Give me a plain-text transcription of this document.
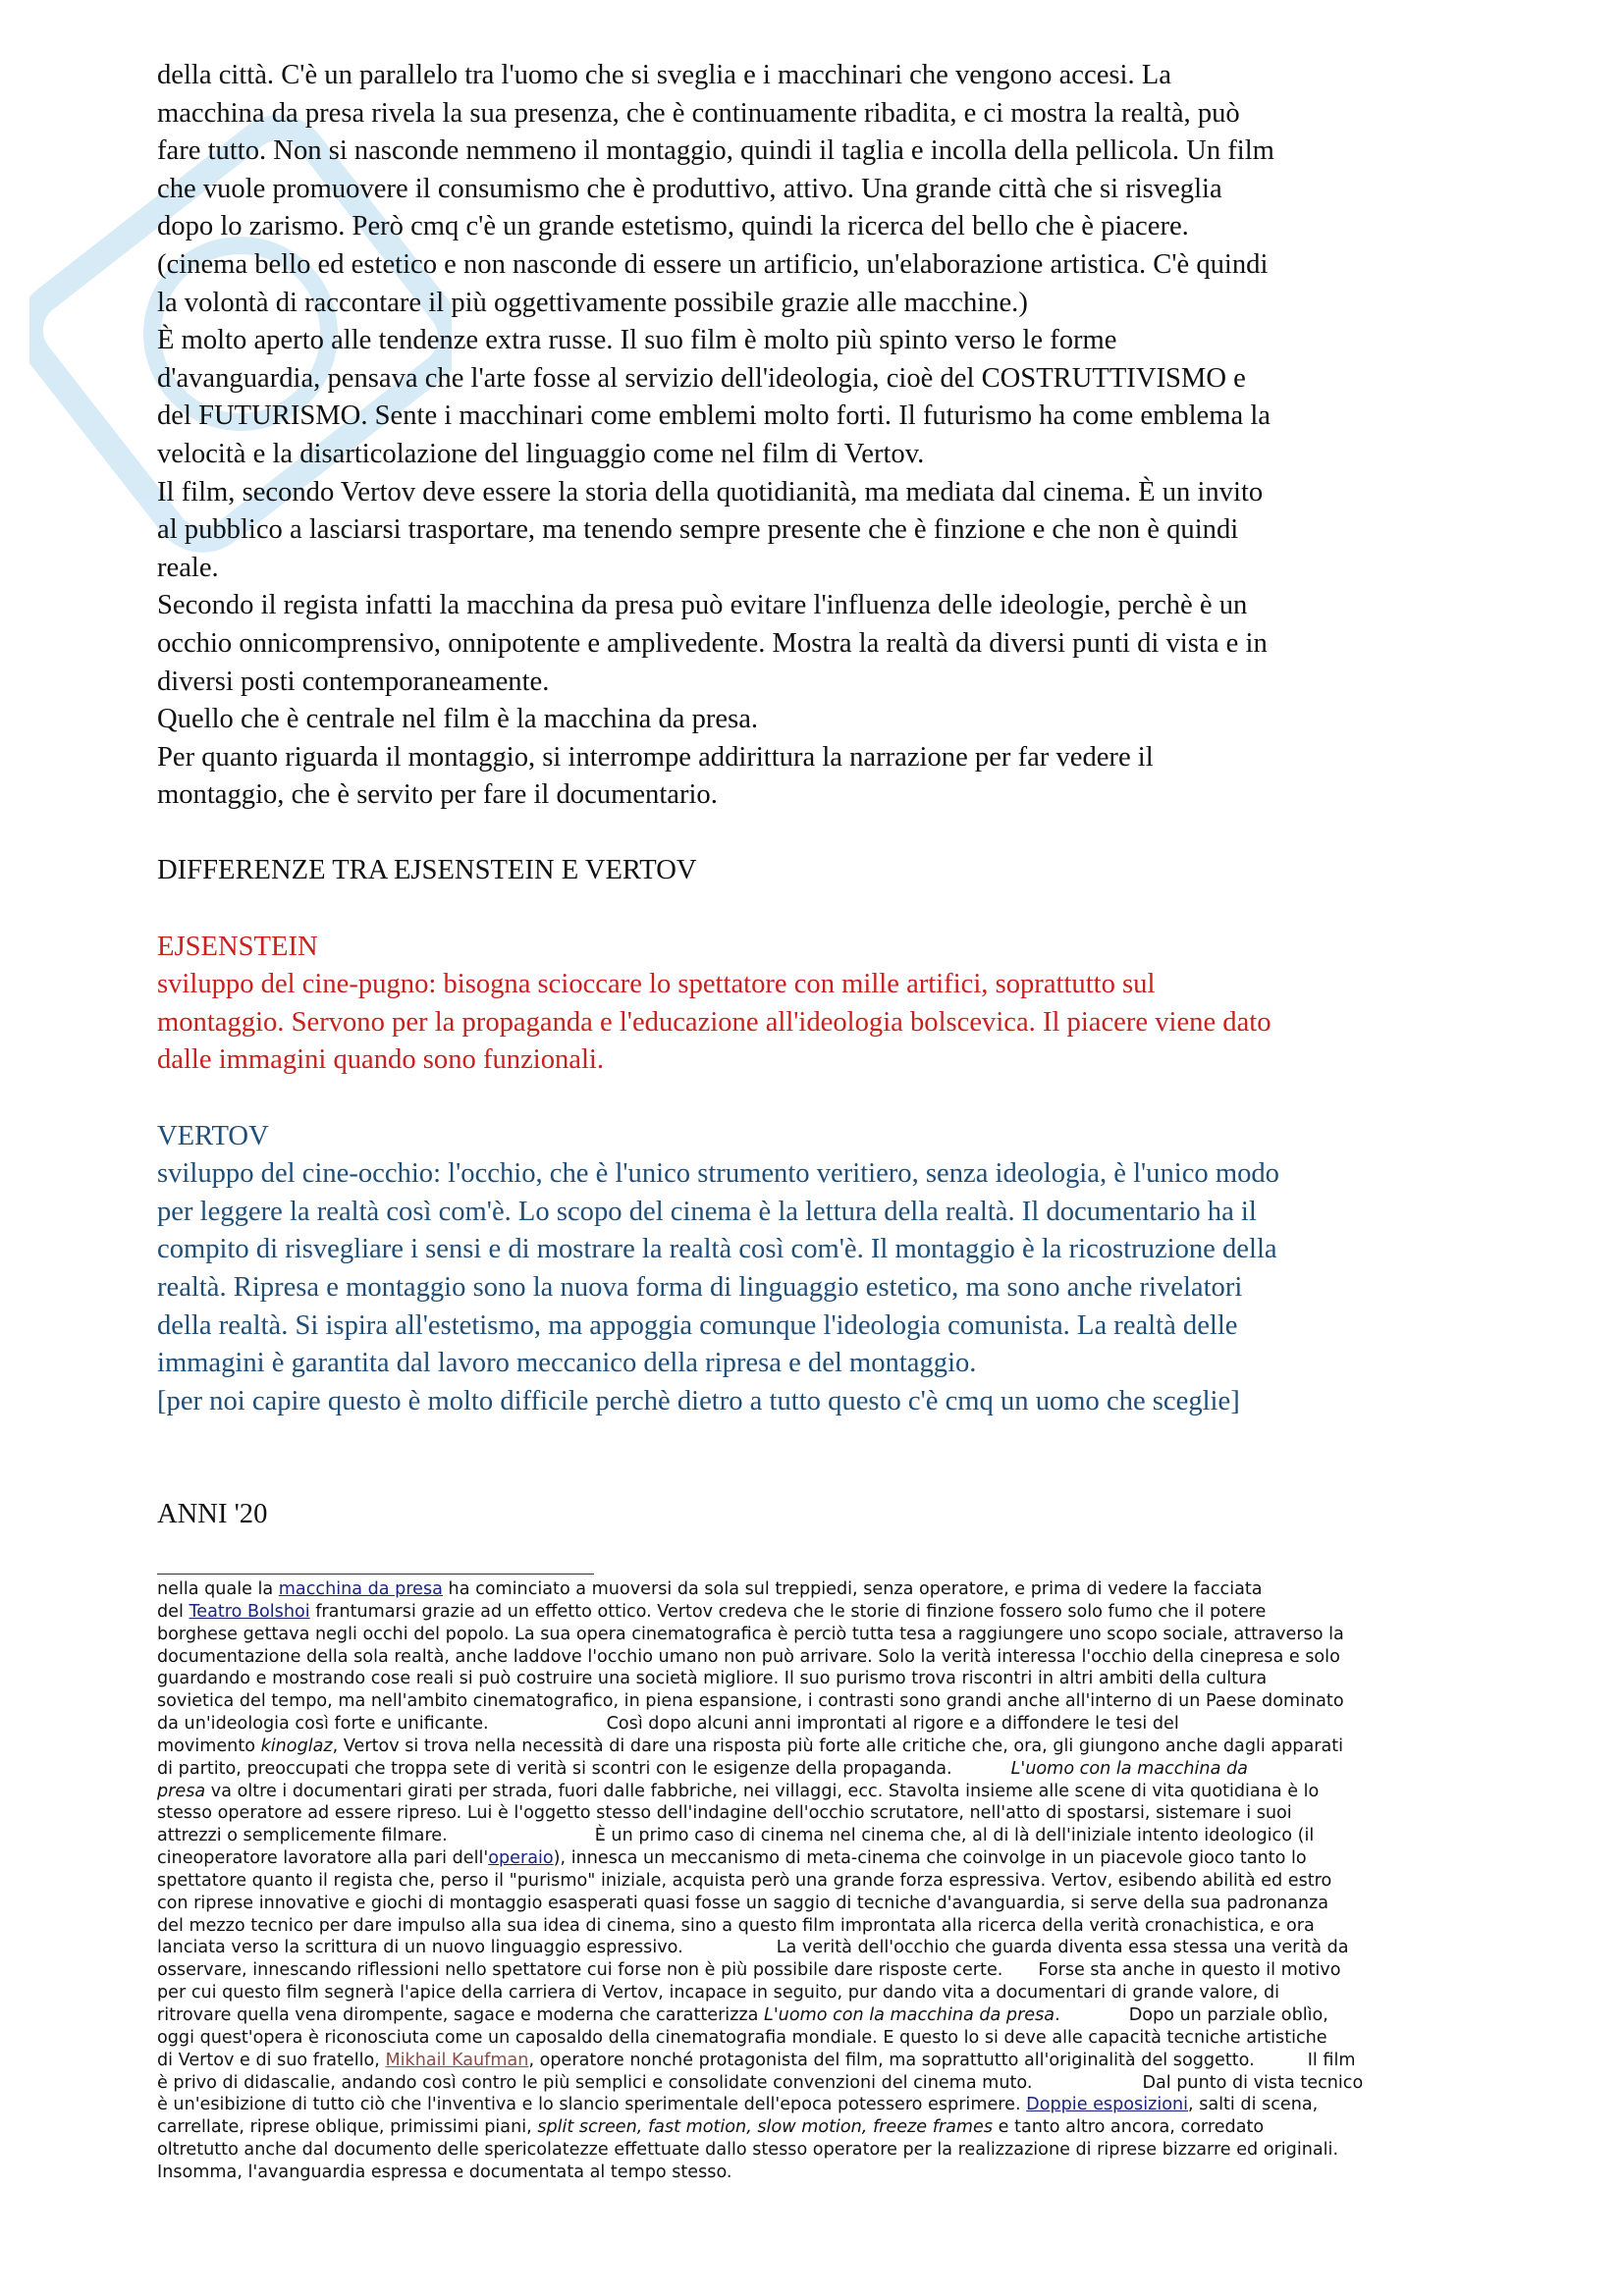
della città. C'è un parallelo tra l'uomo che si sveglia e i macchinari che vengono accesi. La

macchina da presa rivela la sua presenza, che è continuamente ribadita, e ci mostra la realtà, può

fare tutto. Non si nasconde nemmeno il montaggio, quindi il taglia e incolla della pellicola. Un film

che vuole promuovere il consumismo che è produttivo, attivo. Una grande città che si risveglia

dopo lo zarismo. Però cmq c'è un grande estetismo, quindi la ricerca del bello che è piacere.

(cinema bello ed estetico e non nasconde di essere un artificio, un'elaborazione artistica. C'è quindi

la volontà di raccontare il più oggettivamente possibile grazie alle macchine.)

È molto aperto alle tendenze extra russe. Il suo film è molto più spinto verso le forme

d'avanguardia, pensava che l'arte fosse al servizio dell'ideologia, cioè del COSTRUTTIVISMO e

del FUTURISMO. Sente i macchinari come emblemi molto forti. Il futurismo ha come emblema la

velocità e la disarticolazione del linguaggio come nel film di Vertov.

Il film, secondo Vertov deve essere la storia della quotidianità, ma mediata dal cinema. È un invito

al pubblico a lasciarsi trasportare, ma tenendo sempre presente che è finzione e che non è quindi

reale.

Secondo il regista infatti la macchina da presa può evitare l'influenza delle ideologie, perchè è un

occhio onnicomprensivo, onnipotente e amplivedente. Mostra la realtà da diversi punti di vista e in

diversi posti contemporaneamente.

Quello che è centrale nel film è la macchina da presa.

Per quanto riguarda il montaggio, si interrompe addirittura la narrazione per far vedere il

montaggio, che è servito per fare il documentario.

DIFFERENZE TRA EJSENSTEIN E VERTOV

EJSENSTEIN

sviluppo del cine-pugno: bisogna scioccare lo spettatore con mille artifici, soprattutto sul

montaggio. Servono per la propaganda e l'educazione all'ideologia bolscevica. Il piacere viene dato

dalle immagini quando sono funzionali.

VERTOV

sviluppo del cine-occhio: l'occhio, che è l'unico strumento veritiero, senza ideologia, è l'unico modo

per leggere la realtà così com'è. Lo scopo del cinema è la lettura della realtà. Il documentario ha il

compito di risvegliare i sensi e di mostrare la realtà così com'è. Il montaggio è la ricostruzione della

realtà. Ripresa e montaggio sono la nuova forma di linguaggio estetico, ma sono anche rivelatori

della realtà. Si ispira all'estetismo, ma appoggia comunque l'ideologia comunista. La realtà delle

immagini è garantita dal lavoro meccanico della ripresa e del montaggio.

[per noi capire questo è molto difficile perchè dietro a tutto questo c'è cmq un uomo che sceglie]

ANNI '20

nella quale la macchina da presa ha cominciato a muoversi da sola sul treppiedi, senza operatore, e prima di vedere la facciata

del Teatro Bolshoi frantumarsi grazie ad un effetto ottico. Vertov credeva che le storie di finzione fossero solo fumo che il potere

borghese gettava negli occhi del popolo. La sua opera cinematografica è perciò tutta tesa a raggiungere uno scopo sociale, attraverso la

documentazione della sola realtà, anche laddove l'occhio umano non può arrivare. Solo la verità interessa l'occhio della cinepresa e solo

guardando e mostrando cose reali si può costruire una società migliore. Il suo purismo trova riscontri in altri ambiti della cultura

sovietica del tempo, ma nell'ambito cinematografico, in piena espansione, i contrasti sono grandi anche all'interno di un Paese dominato

da un'ideologia così forte e unificante.	Così dopo alcuni anni improntati al rigore e a diffondere le tesi del

movimento kinoglaz, Vertov si trova nella necessità di dare una risposta più forte alle critiche che, ora, gli giungono anche dagli apparati

di partito, preoccupati che troppa sete di verità si scontri con le esigenze della propaganda.	L'uomo con la macchina da

presa va oltre i documentari girati per strada, fuori dalle fabbriche, nei villaggi, ecc. Stavolta insieme alle scene di vita quotidiana è lo

stesso operatore ad essere ripreso. Lui è l'oggetto stesso dell'indagine dell'occhio scrutatore, nell'atto di spostarsi, sistemare i suoi

attrezzi o semplicemente filmare.	È un primo caso di cinema nel cinema che, al di là dell'iniziale intento ideologico (il

cineoperatore lavoratore alla pari dell'operaio), innesca un meccanismo di meta-cinema che coinvolge in un piacevole gioco tanto lo

spettatore quanto il regista che, perso il "purismo" iniziale, acquista però una grande forza espressiva. Vertov, esibendo abilità ed estro

con riprese innovative e giochi di montaggio esasperati quasi fosse un saggio di tecniche d'avanguardia, si serve della sua padronanza

del mezzo tecnico per dare impulso alla sua idea di cinema, sino a questo film improntata alla ricerca della verità cronachistica, e ora

lanciata verso la scrittura di un nuovo linguaggio espressivo.	La verità dell'occhio che guarda diventa essa stessa una verità da

osservare, innescando riflessioni nello spettatore cui forse non è più possibile dare risposte certe. Forse sta anche in questo il motivo

per cui questo film segnerà l'apice della carriera di Vertov, incapace in seguito, pur dando vita a documentari di grande valore, di

ritrovare quella vena dirompente, sagace e moderna che caratterizza L'uomo con la macchina da presa.	Dopo un parziale oblìo,

oggi quest'opera è riconosciuta come un caposaldo della cinematografia mondiale. E questo lo si deve alle capacità tecniche artistiche

di Vertov e di suo fratello, Mikhail Kaufman, operatore nonché protagonista del film, ma soprattutto all'originalità del soggetto.	Il film

è privo di didascalie, andando così contro le più semplici e consolidate convenzioni del cinema muto.	Dal punto di vista tecnico

è un'esibizione di tutto ciò che l'inventiva e lo slancio sperimentale dell'epoca potessero esprimere. Doppie esposizioni, salti di scena,

carrellate, riprese oblique, primissimi piani, split screen, fast motion, slow motion, freeze frames e tanto altro ancora, corredato

oltretutto anche dal documento delle spericolatezze effettuate dallo stesso operatore per la realizzazione di riprese bizzarre ed originali.

Insomma, l'avanguardia espressa e documentata al tempo stesso.
